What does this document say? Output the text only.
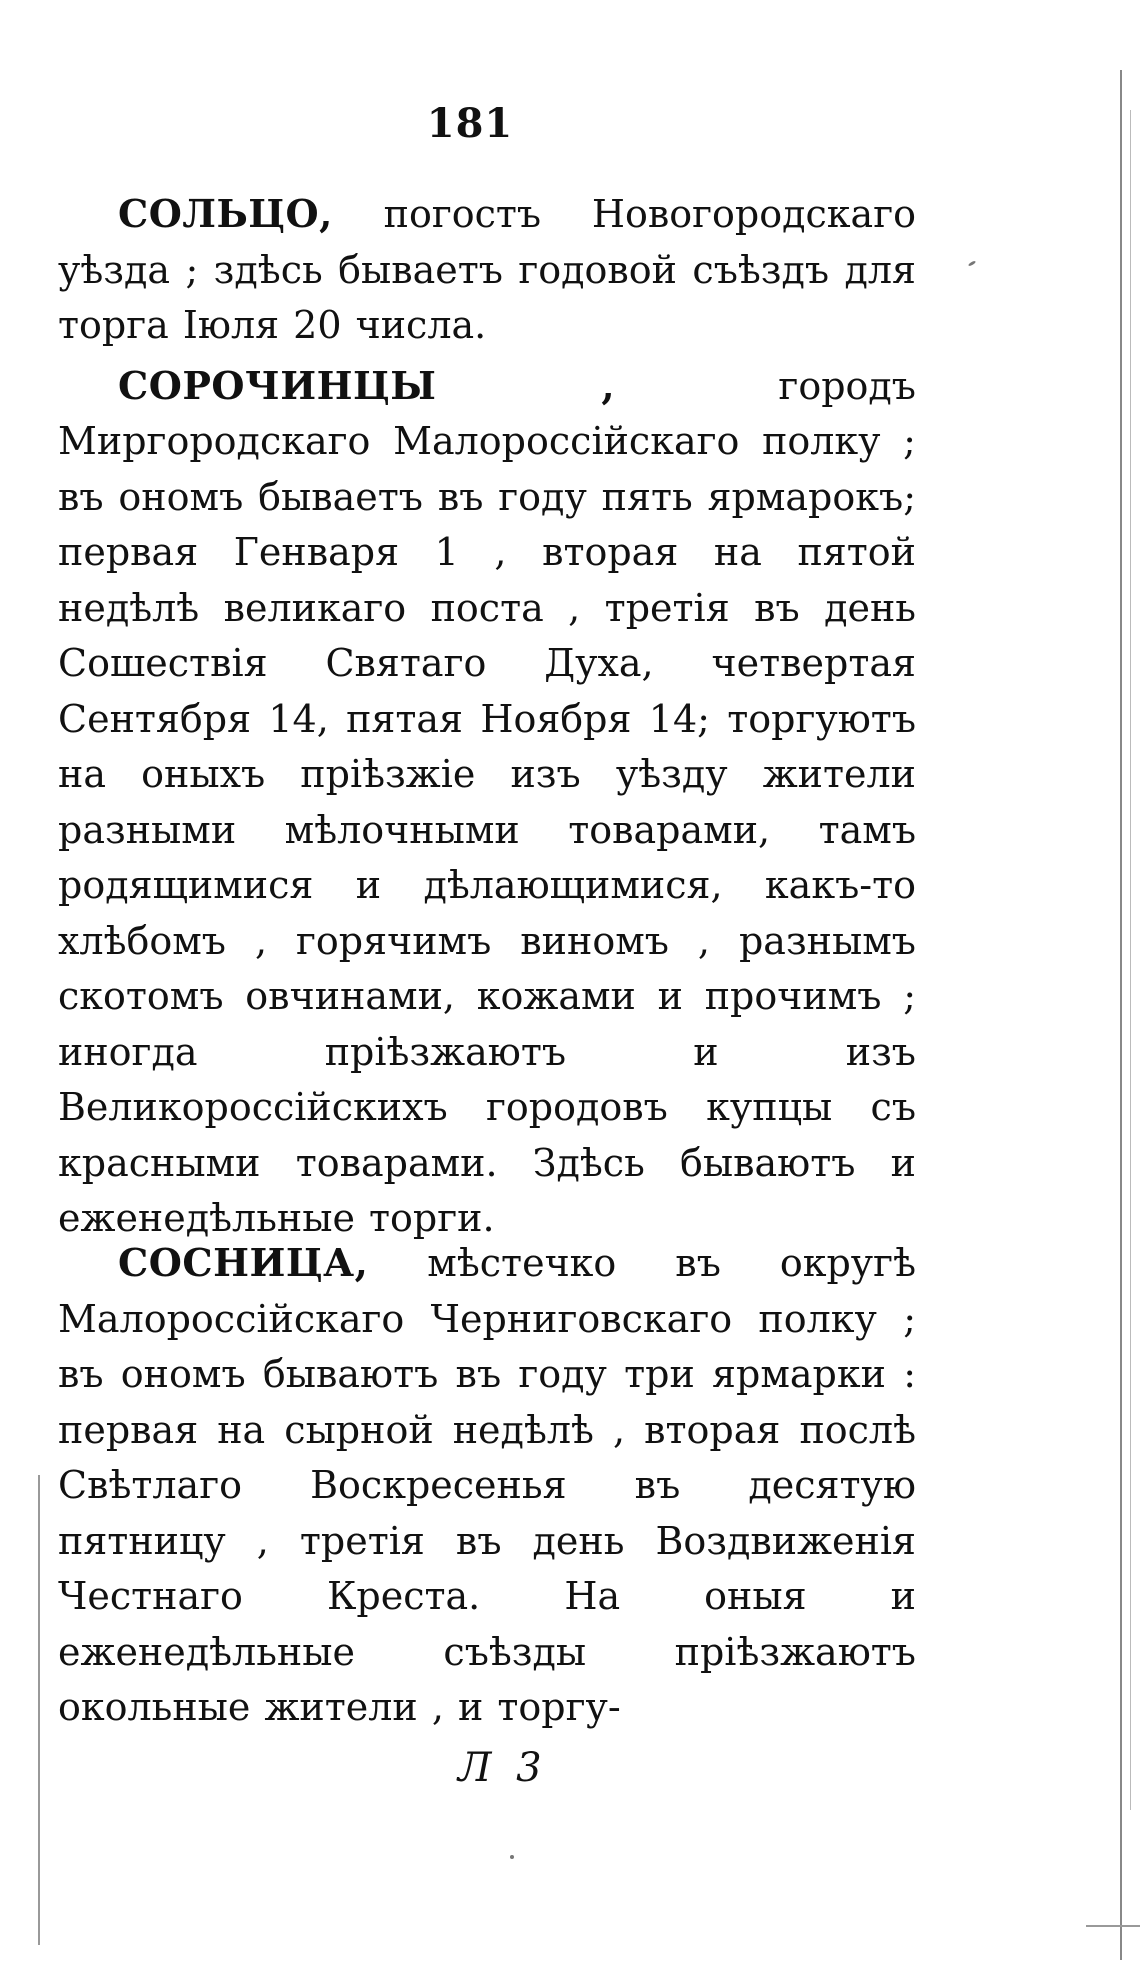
181

СОЛЬЦО, погостъ Новогородскаго уѣзда ; здѣсь бываетъ годовой съѣздъ для торга Іюля 20 числа.

СОРОЧИНЦЫ ,	городъ Миргородскаго Малороссійскаго полку ; въ ономъ бываетъ въ году пять ярмарокъ; первая Генваря 1 , вторая на пятой недѣлѣ великаго поста , третія въ день Сошествія Святаго Духа, четвертая Сентября 14, пятая Ноября 14; торгуютъ на оныхъ пріѣзжіе изъ уѣзду жители разными мѣлочными товарами, тамъ родящимися и дѣлающимися, какъ-то хлѣбомъ , горячимъ виномъ , разнымъ скотомъ овчинами, кожами и прочимъ ; иногда пріѣзжаютъ и изъ Великороссійскихъ городовъ купцы съ красными товарами. Здѣсь бываютъ и еженедѣльные торги.

СОСНИЦА, мѣстечко въ округѣ Малороссійскаго Черниговскаго полку ; въ ономъ бываютъ въ году три ярмарки : первая на сырной недѣлѣ , вторая послѣ Свѣтлаго Воскресенья въ десятую пятницу , третія въ день Воздвиженія Честнаго Креста. На оныя и еженедѣльные съѣзды пріѣзжаютъ окольные жители , и торгу-

Л 3
